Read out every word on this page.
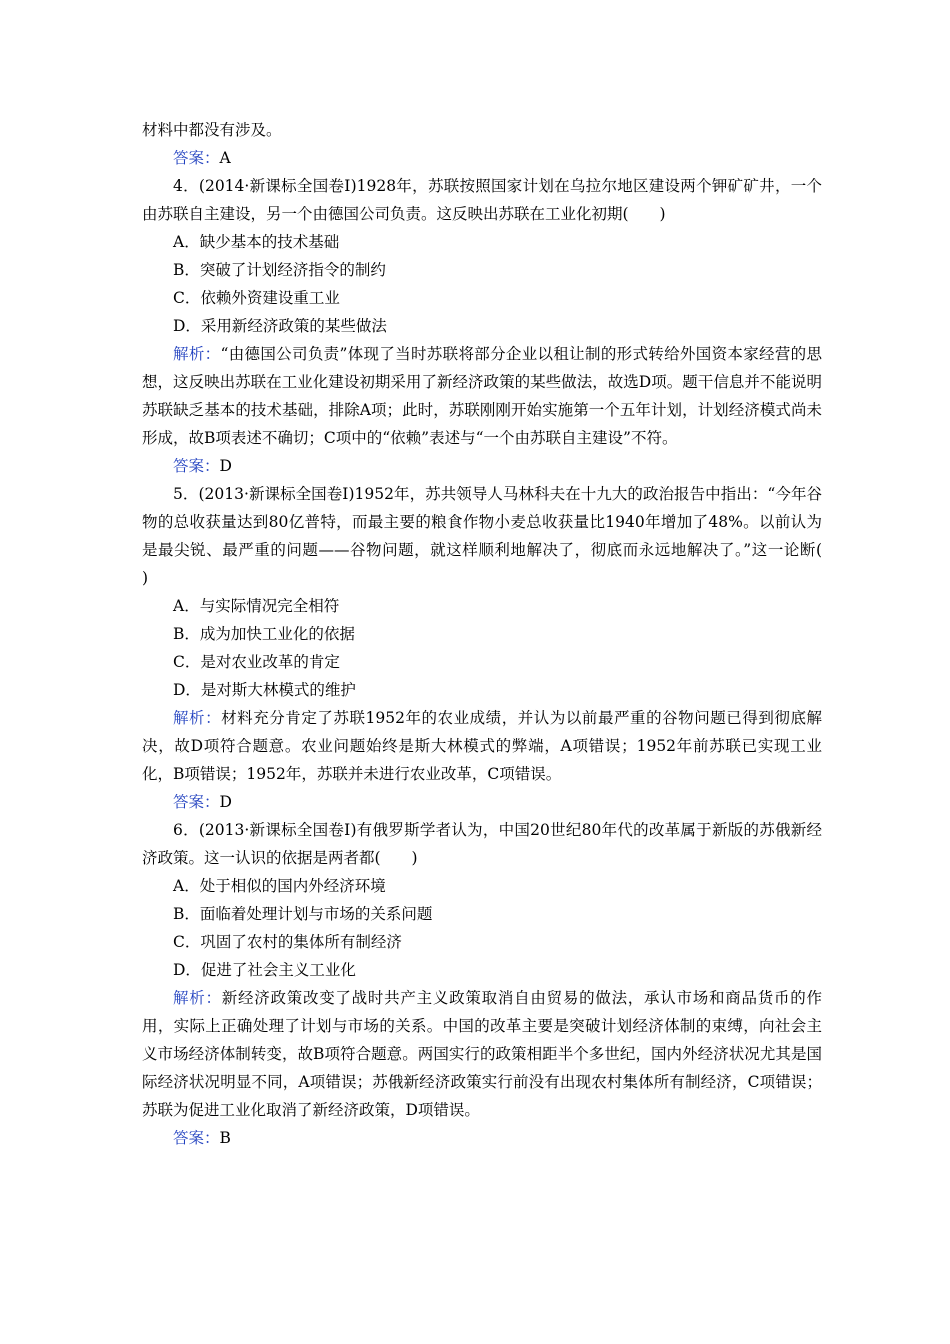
材料中都没有涉及。

答案：A

4．(2014·新课标全国卷Ⅰ)1928年，苏联按照国家计划在乌拉尔地区建设两个钾矿矿井，一个由苏联自主建设，另一个由德国公司负责。这反映出苏联在工业化初期(　　)

A．缺少基本的技术基础

B．突破了计划经济指令的制约

C．依赖外资建设重工业

D．采用新经济政策的某些做法

解析：“由德国公司负责”体现了当时苏联将部分企业以租让制的形式转给外国资本家经营的思想，这反映出苏联在工业化建设初期采用了新经济政策的某些做法，故选D项。题干信息并不能说明苏联缺乏基本的技术基础，排除A项；此时，苏联刚刚开始实施第一个五年计划，计划经济模式尚未形成，故B项表述不确切；C项中的“依赖”表述与“一个由苏联自主建设”不符。

答案：D

5．(2013·新课标全国卷Ⅰ)1952年，苏共领导人马林科夫在十九大的政治报告中指出：“今年谷物的总收获量达到80亿普特，而最主要的粮食作物小麦总收获量比1940年增加了48%。以前认为是最尖锐、最严重的问题——谷物问题，就这样顺利地解决了，彻底而永远地解决了。”这一论断(　　)

A．与实际情况完全相符

B．成为加快工业化的依据

C．是对农业改革的肯定

D．是对斯大林模式的维护

解析：材料充分肯定了苏联1952年的农业成绩，并认为以前最严重的谷物问题已得到彻底解决，故D项符合题意。农业问题始终是斯大林模式的弊端，A项错误；1952年前苏联已实现工业化，B项错误；1952年，苏联并未进行农业改革，C项错误。

答案：D

6．(2013·新课标全国卷Ⅰ)有俄罗斯学者认为，中国20世纪80年代的改革属于新版的苏俄新经济政策。这一认识的依据是两者都(　　)

A．处于相似的国内外经济环境

B．面临着处理计划与市场的关系问题

C．巩固了农村的集体所有制经济

D．促进了社会主义工业化

解析：新经济政策改变了战时共产主义政策取消自由贸易的做法，承认市场和商品货币的作用，实际上正确处理了计划与市场的关系。中国的改革主要是突破计划经济体制的束缚，向社会主义市场经济体制转变，故B项符合题意。两国实行的政策相距半个多世纪，国内外经济状况尤其是国际经济状况明显不同，A项错误；苏俄新经济政策实行前没有出现农村集体所有制经济，C项错误；苏联为促进工业化取消了新经济政策，D项错误。

答案：B
